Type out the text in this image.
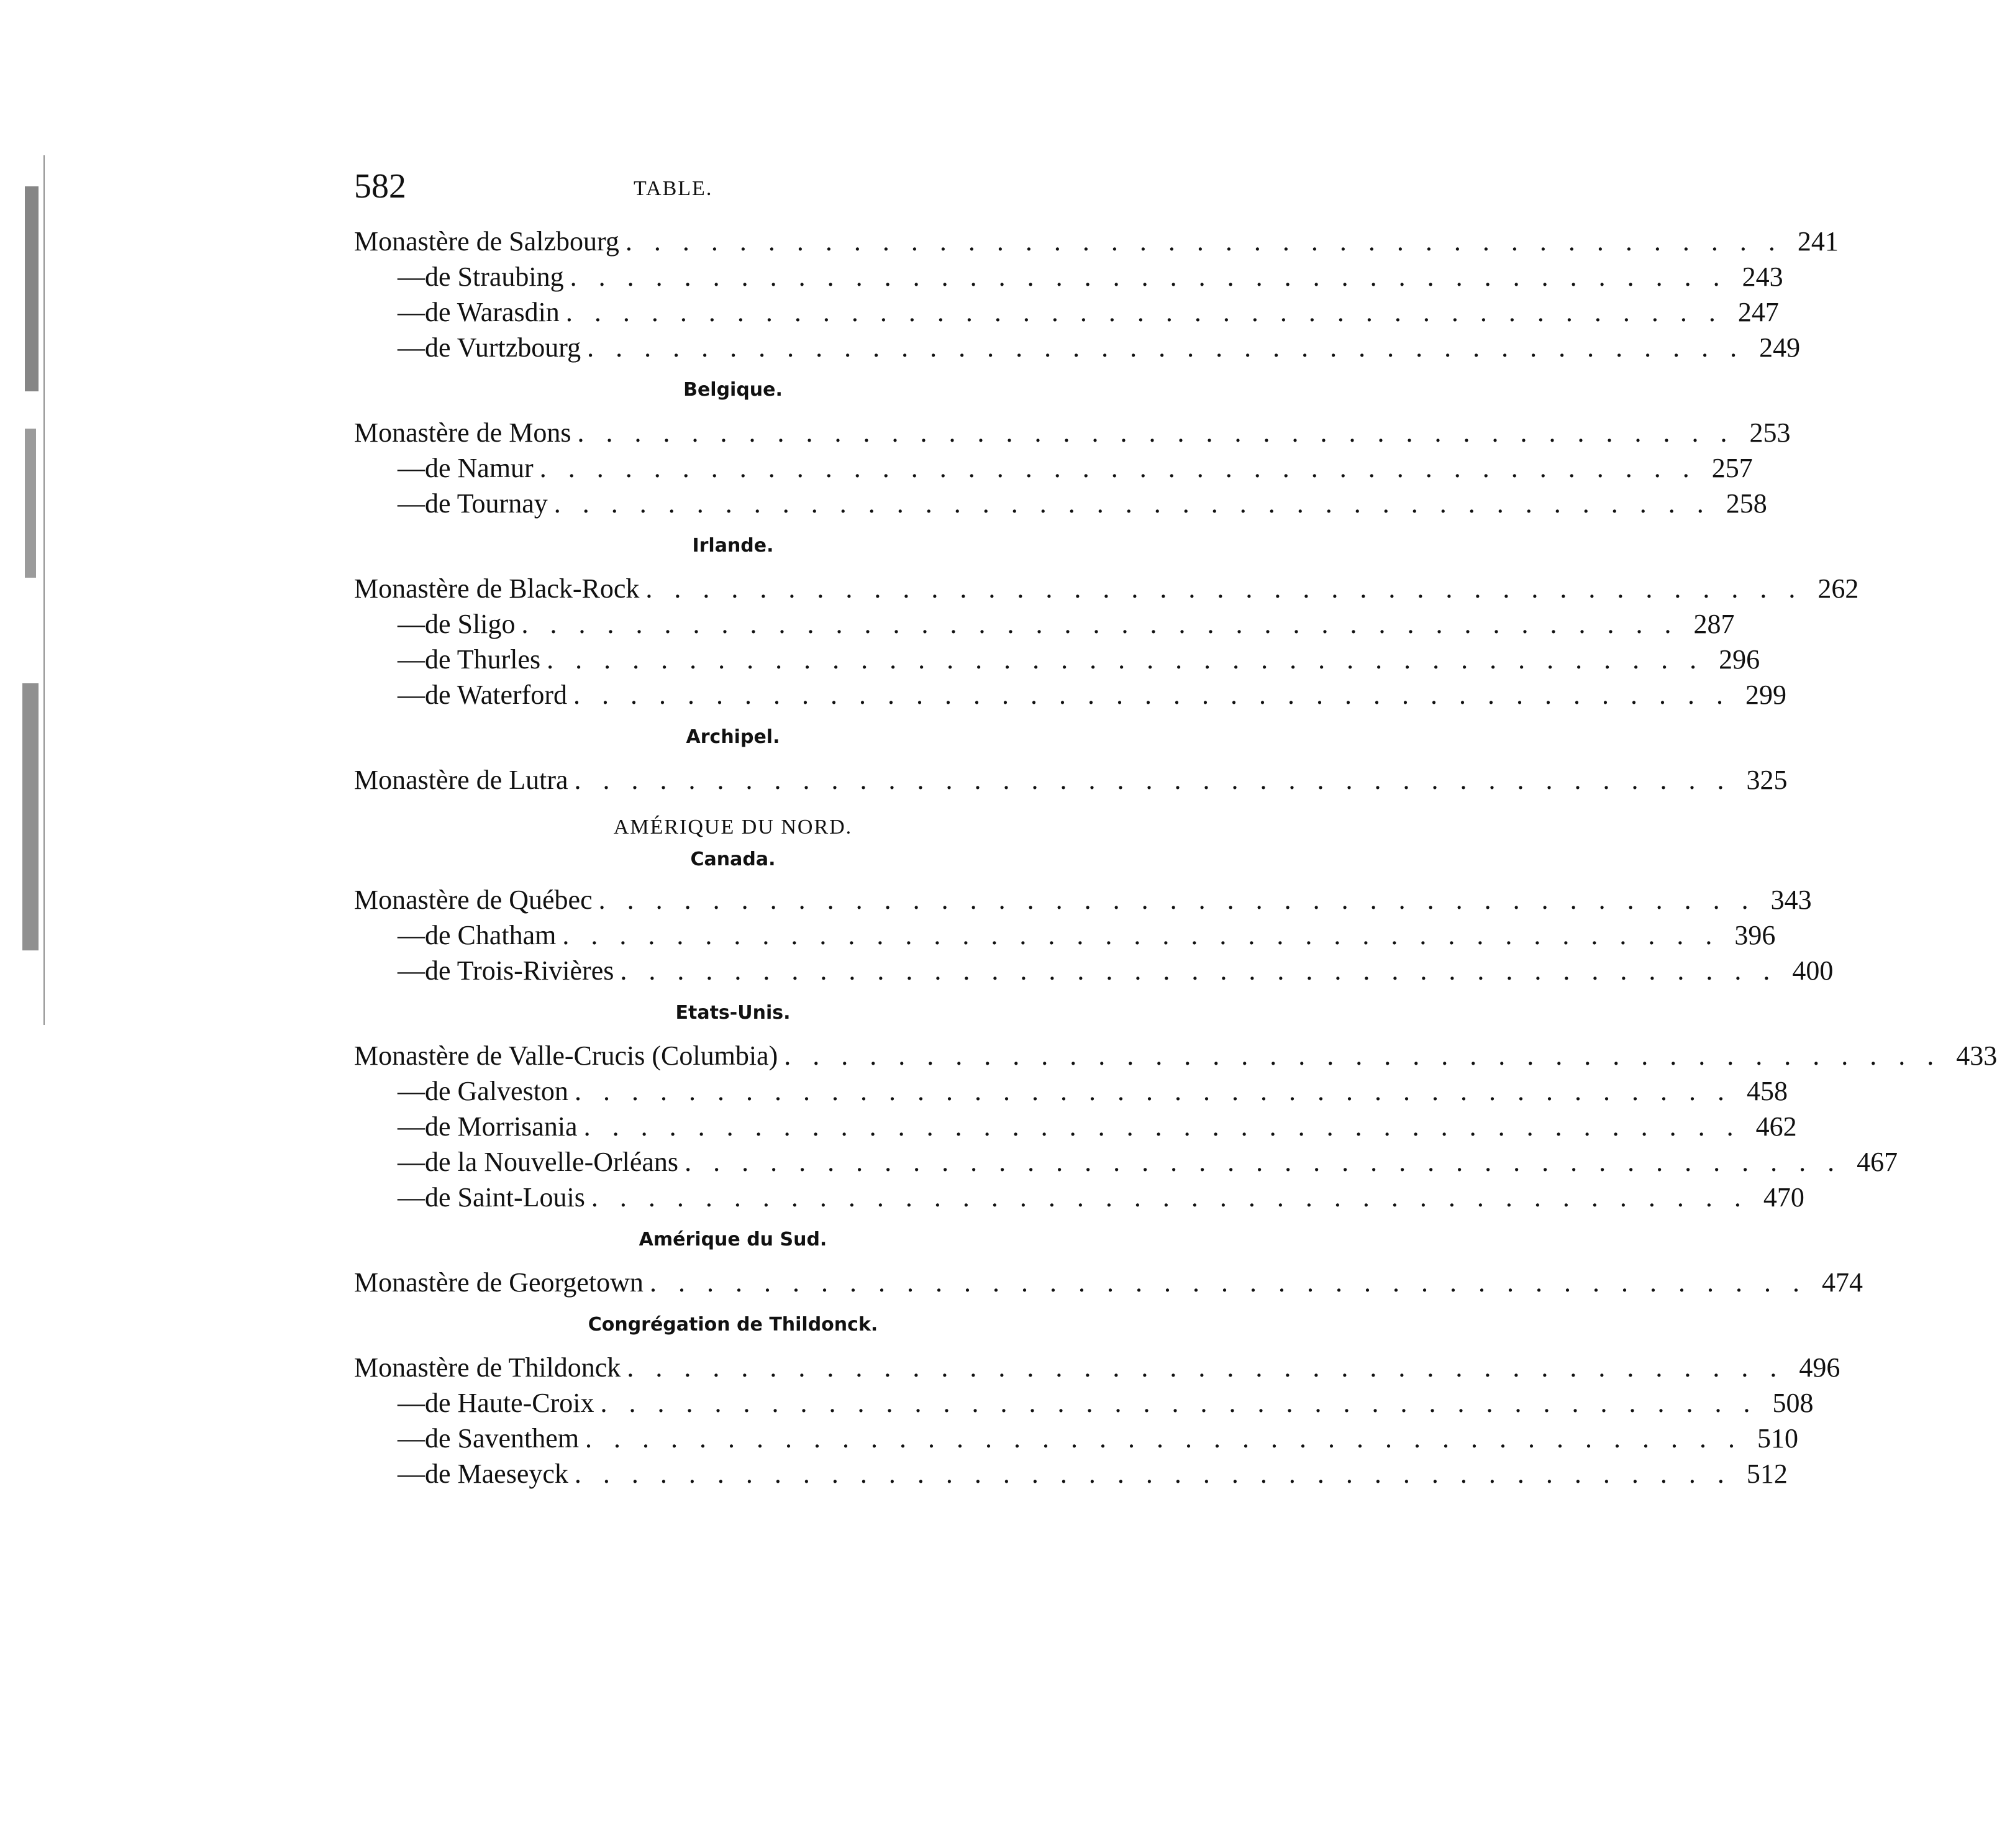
582	TABLE.
Monastère de Salzbourg . . . . . . . . . . . . . . . . . . . . . . . . . . . . . . . . . . . . . . . . . 241
— de Straubing . . . . . . . . . . . . . . . . . . . . . . . . . . . . . . . . . . . . . . . . . 243
— de Warasdin . . . . . . . . . . . . . . . . . . . . . . . . . . . . . . . . . . . . . . . . . 247
— de Vurtzbourg . . . . . . . . . . . . . . . . . . . . . . . . . . . . . . . . . . . . . . . . . 249
Belgique.
Monastère de Mons . . . . . . . . . . . . . . . . . . . . . . . . . . . . . . . . . . . . . . . . . 253
— de Namur . . . . . . . . . . . . . . . . . . . . . . . . . . . . . . . . . . . . . . . . . 257
— de Tournay . . . . . . . . . . . . . . . . . . . . . . . . . . . . . . . . . . . . . . . . . 258
Irlande.
Monastère de Black-Rock . . . . . . . . . . . . . . . . . . . . . . . . . . . . . . . . . . . . . . . . . 262
— de Sligo . . . . . . . . . . . . . . . . . . . . . . . . . . . . . . . . . . . . . . . . . 287
— de Thurles . . . . . . . . . . . . . . . . . . . . . . . . . . . . . . . . . . . . . . . . . 296
— de Waterford . . . . . . . . . . . . . . . . . . . . . . . . . . . . . . . . . . . . . . . . . 299
Archipel.
Monastère de Lutra . . . . . . . . . . . . . . . . . . . . . . . . . . . . . . . . . . . . . . . . . 325
AMÉRIQUE DU NORD.
Canada.
Monastère de Québec . . . . . . . . . . . . . . . . . . . . . . . . . . . . . . . . . . . . . . . . . 343
— de Chatham . . . . . . . . . . . . . . . . . . . . . . . . . . . . . . . . . . . . . . . . . 396
— de Trois-Rivières . . . . . . . . . . . . . . . . . . . . . . . . . . . . . . . . . . . . . . . . . 400
Etats-Unis.
Monastère de Valle-Crucis (Columbia) . . . . . . . . . . . . . . . . . . . . . . . . . . . . . . . . . . . . . . . . . 433
— de Galveston . . . . . . . . . . . . . . . . . . . . . . . . . . . . . . . . . . . . . . . . . 458
— de Morrisania . . . . . . . . . . . . . . . . . . . . . . . . . . . . . . . . . . . . . . . . . 462
— de la Nouvelle-Orléans . . . . . . . . . . . . . . . . . . . . . . . . . . . . . . . . . . . . . . . . . 467
— de Saint-Louis . . . . . . . . . . . . . . . . . . . . . . . . . . . . . . . . . . . . . . . . . 470
Amérique du Sud.
Monastère de Georgetown . . . . . . . . . . . . . . . . . . . . . . . . . . . . . . . . . . . . . . . . . 474
Congrégation de Thildonck.
Monastère de Thildonck . . . . . . . . . . . . . . . . . . . . . . . . . . . . . . . . . . . . . . . . . 496
— de Haute-Croix . . . . . . . . . . . . . . . . . . . . . . . . . . . . . . . . . . . . . . . . . 508
— de Saventhem . . . . . . . . . . . . . . . . . . . . . . . . . . . . . . . . . . . . . . . . . 510
— de Maeseyck . . . . . . . . . . . . . . . . . . . . . . . . . . . . . . . . . . . . . . . . . 512
